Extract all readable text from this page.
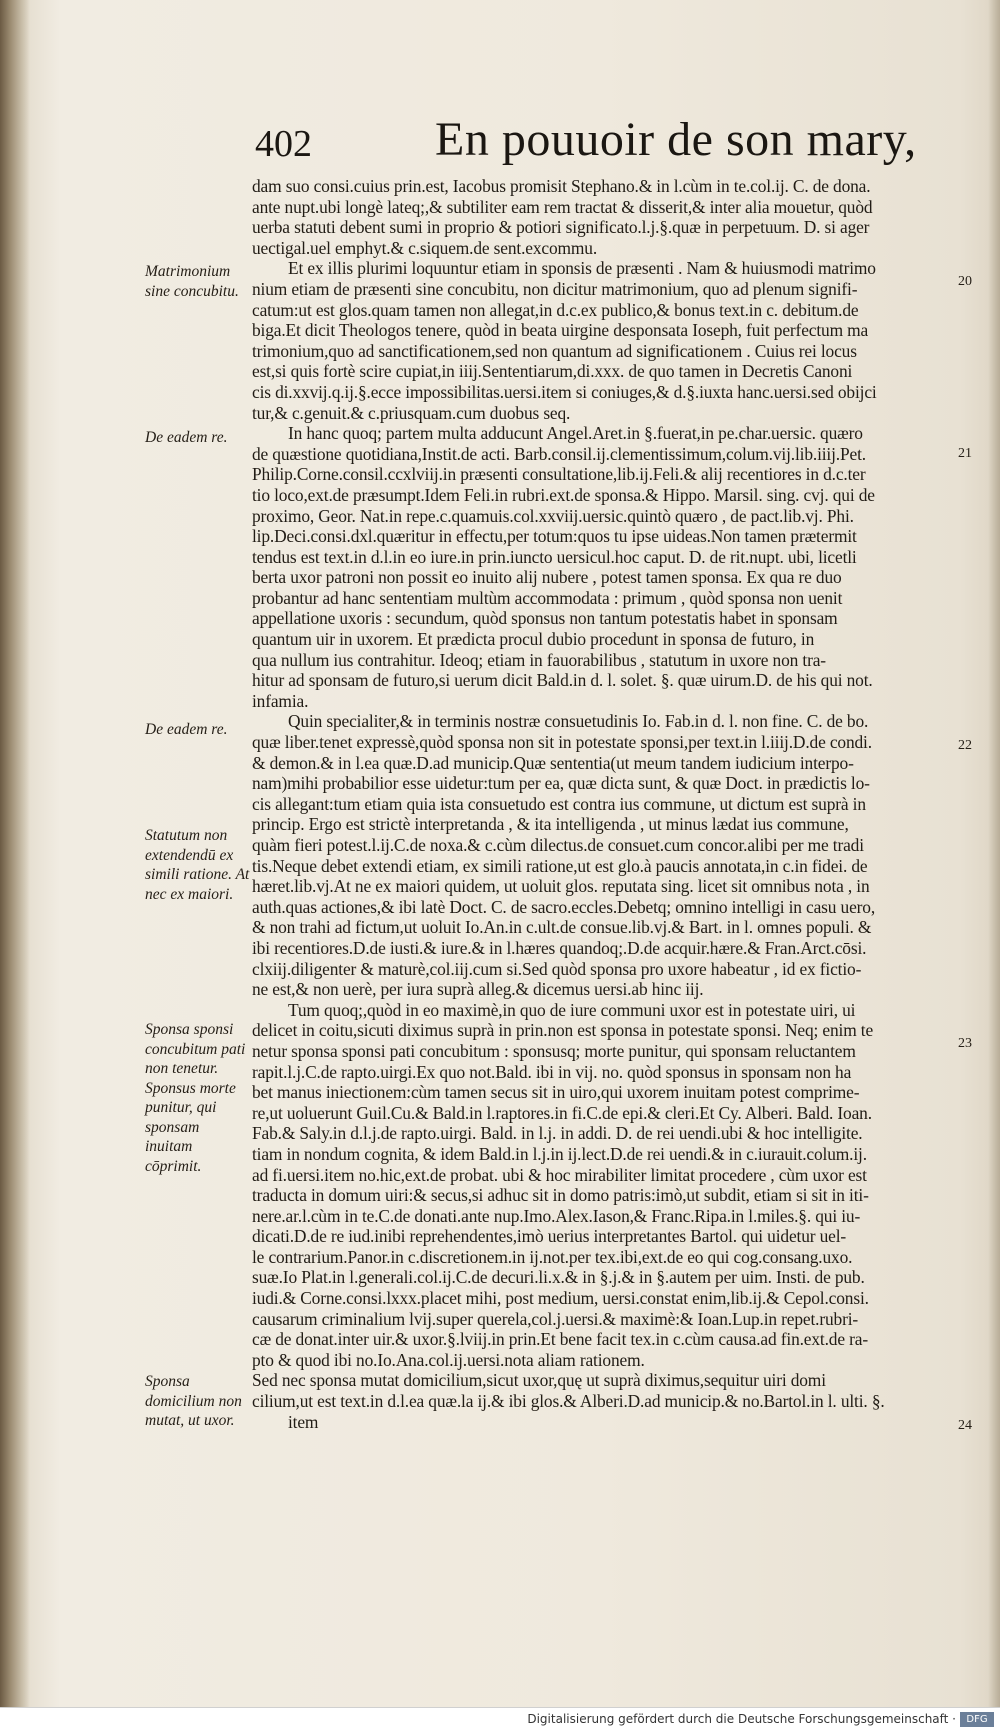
402	En pouuoir de son mary,
Matrimonium sine concubitu.
De eadem re.
De eadem re.
Statutum non extendendū ex simili ratione. At nec ex maiori.
Sponsa sponsi concubitum pati non tenetur. Sponsus morte punitur, qui sponsam inuitam cōprimit.
Sponsa domicilium non mutat, ut uxor.
20
21
22
23
24
dam suo consi.cuius prin.est, Iacobus promisit Stephano.& in l.cùm in te.col.ij. C. de dona.
ante nupt.ubi longè lateq;,& subtiliter eam rem tractat & disserit,& inter alia mouetur, quòd
uerba statuti debent sumi in proprio & potiori significato.l.j.§.quæ in perpetuum. D. si ager
uectigal.uel emphyt.& c.siquem.de sent.excommu.
Et ex illis plurimi loquuntur etiam in sponsis de præsenti . Nam & huiusmodi matrimo
nium etiam de præsenti sine concubitu, non dicitur matrimonium, quo ad plenum signifi-
catum:ut est glos.quam tamen non allegat,in d.c.ex publico,& bonus text.in c. debitum.de
biga.Et dicit Theologos tenere, quòd in beata uirgine desponsata Ioseph, fuit perfectum ma
trimonium,quo ad sanctificationem,sed non quantum ad significationem . Cuius rei locus
est,si quis fortè scire cupiat,in iiij.Sententiarum,di.xxx. de quo tamen in Decretis Canoni
cis di.xxvij.q.ij.§.ecce impossibilitas.uersi.item si coniuges,& d.§.iuxta hanc.uersi.sed obijci
tur,& c.genuit.& c.priusquam.cum duobus seq.
In hanc quoq; partem multa adducunt Angel.Aret.in §.fuerat,in pe.char.uersic. quæro
de quæstione quotidiana,Instit.de acti. Barb.consil.ij.clementissimum,colum.vij.lib.iiij.Pet.
Philip.Corne.consil.ccxlviij.in præsenti consultatione,lib.ij.Feli.& alij recentiores in d.c.ter
tio loco,ext.de præsumpt.Idem Feli.in rubri.ext.de sponsa.& Hippo. Marsil. sing. cvj. qui de
proximo, Geor. Nat.in repe.c.quamuis.col.xxviij.uersic.quintò quæro , de pact.lib.vj. Phi.
lip.Deci.consi.dxl.quæritur in effectu,per totum:quos tu ipse uideas.Non tamen prætermit
tendus est text.in d.l.in eo iure.in prin.iuncto uersicul.hoc caput. D. de rit.nupt. ubi, licetli
berta uxor patroni non possit eo inuito alij nubere , potest tamen sponsa. Ex qua re duo
probantur ad hanc sententiam multùm accommodata : primum , quòd sponsa non uenit
appellatione uxoris : secundum, quòd sponsus non tantum potestatis habet in sponsam
quantum uir in uxorem. Et prædicta procul dubio procedunt in sponsa de futuro, in
qua nullum ius contrahitur. Ideoq; etiam in fauorabilibus , statutum in uxore non tra-
hitur ad sponsam de futuro,si uerum dicit Bald.in d. l. solet. §. quæ uirum.D. de his qui not.
infamia.
Quin specialiter,& in terminis nostræ consuetudinis Io. Fab.in d. l. non fine. C. de bo.
quæ liber.tenet expressè,quòd sponsa non sit in potestate sponsi,per text.in l.iiij.D.de condi.
& demon.& in l.ea quæ.D.ad municip.Quæ sententia(ut meum tandem iudicium interpo-
nam)mihi probabilior esse uidetur:tum per ea, quæ dicta sunt, & quæ Doct. in prædictis lo-
cis allegant:tum etiam quia ista consuetudo est contra ius commune, ut dictum est suprà in
princip. Ergo est strictè interpretanda , & ita intelligenda , ut minus lædat ius commune,
quàm fieri potest.l.ij.C.de noxa.& c.cùm dilectus.de consuet.cum concor.alibi per me tradi
tis.Neque debet extendi etiam, ex simili ratione,ut est glo.à paucis annotata,in c.in fidei. de
hæret.lib.vj.At ne ex maiori quidem, ut uoluit glos. reputata sing. licet sit omnibus nota , in
auth.quas actiones,& ibi latè Doct. C. de sacro.eccles.Debetq; omnino intelligi in casu uero,
& non trahi ad fictum,ut uoluit Io.An.in c.ult.de consue.lib.vj.& Bart. in l. omnes populi. &
ibi recentiores.D.de iusti.& iure.& in l.hæres quandoq;.D.de acquir.hære.& Fran.Arct.cōsi.
clxiij.diligenter & maturè,col.iij.cum si.Sed quòd sponsa pro uxore habeatur , id ex fictio-
ne est,& non uerè, per iura suprà alleg.& dicemus uersi.ab hinc iij.
Tum quoq;,quòd in eo maximè,in quo de iure communi uxor est in potestate uiri, ui
delicet in coitu,sicuti diximus suprà in prin.non est sponsa in potestate sponsi. Neq; enim te
netur sponsa sponsi pati concubitum : sponsusq; morte punitur, qui sponsam reluctantem
rapit.l.j.C.de rapto.uirgi.Ex quo not.Bald. ibi in vij. no. quòd sponsus in sponsam non ha
bet manus iniectionem:cùm tamen secus sit in uiro,qui uxorem inuitam potest comprime-
re,ut uoluerunt Guil.Cu.& Bald.in l.raptores.in fi.C.de epi.& cleri.Et Cy. Alberi. Bald. Ioan.
Fab.& Saly.in d.l.j.de rapto.uirgi. Bald. in l.j. in addi. D. de rei uendi.ubi & hoc intelligite.
tiam in nondum cognita, & idem Bald.in l.j.in ij.lect.D.de rei uendi.& in c.iurauit.colum.ij.
ad fi.uersi.item no.hic,ext.de probat. ubi & hoc mirabiliter limitat procedere , cùm uxor est
traducta in domum uiri:& secus,si adhuc sit in domo patris:imò,ut subdit, etiam si sit in iti-
nere.ar.l.cùm in te.C.de donati.ante nup.Imo.Alex.Iason,& Franc.Ripa.in l.miles.§. qui iu-
dicati.D.de re iud.inibi reprehendentes,imò uerius interpretantes Bartol. qui uidetur uel-
le contrarium.Panor.in c.discretionem.in ij.not.per tex.ibi,ext.de eo qui cog.consang.uxo.
suæ.Io Plat.in l.generali.col.ij.C.de decuri.li.x.& in §.j.& in §.autem per uim. Insti. de pub.
iudi.& Corne.consi.lxxx.placet mihi, post medium, uersi.constat enim,lib.ij.& Cepol.consi.
causarum criminalium lvij.super querela,col.j.uersi.& maximè:& Ioan.Lup.in repet.rubri-
cæ de donat.inter uir.& uxor.§.lviij.in prin.Et bene facit tex.in c.cùm causa.ad fin.ext.de ra-
pto & quod ibi no.Io.Ana.col.ij.uersi.nota aliam rationem.
Sed nec sponsa mutat domicilium,sicut uxor,quę ut suprà diximus,sequitur uiri domi
cilium,ut est text.in d.l.ea quæ.la ij.& ibi glos.& Alberi.D.ad municip.& no.Bartol.in l. ulti. §.
item
Digitalisierung gefördert durch die Deutsche Forschungsgemeinschaft ·	DFG
